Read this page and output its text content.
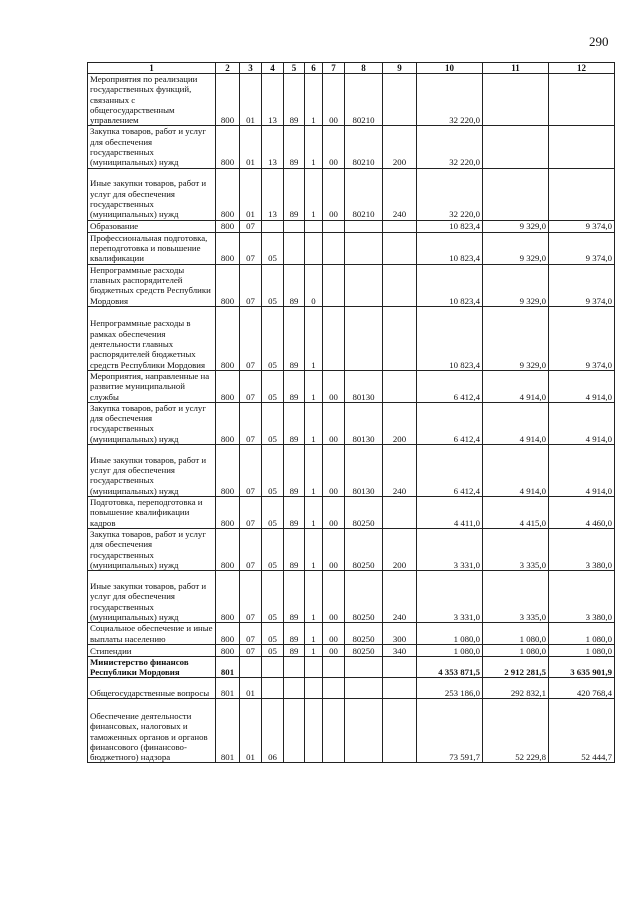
290
1	2	3	4	5	6	7	8	9	10	11	12
Мероприятия по реализации государственных функций, связанных с общегосударственным управлением	800	01	13	89	1	00	80210		32 220,0		
Закупка товаров, работ и услуг для обеспечения государственных (муниципальных) нужд	800	01	13	89	1	00	80210	200	32 220,0		
Иные закупки товаров, работ и услуг для обеспечения государственных (муниципальных) нужд	800	01	13	89	1	00	80210	240	32 220,0		
Образование	800	07							10 823,4	9 329,0	9 374,0
Профессиональная подготовка, переподготовка и повышение квалификации	800	07	05						10 823,4	9 329,0	9 374,0
Непрограммные расходы главных распорядителей бюджетных средств Республики Мордовия	800	07	05	89	0				10 823,4	9 329,0	9 374,0
Непрограммные расходы в рамках обеспечения деятельности главных распорядителей бюджетных средств Республики Мордовия	800	07	05	89	1				10 823,4	9 329,0	9 374,0
Мероприятия, направленные на развитие муниципальной службы	800	07	05	89	1	00	80130		6 412,4	4 914,0	4 914,0
Закупка товаров, работ и услуг для обеспечения государственных (муниципальных) нужд	800	07	05	89	1	00	80130	200	6 412,4	4 914,0	4 914,0
Иные закупки товаров, работ и услуг для обеспечения государственных (муниципальных) нужд	800	07	05	89	1	00	80130	240	6 412,4	4 914,0	4 914,0
Подготовка, переподготовка и повышение квалификации кадров	800	07	05	89	1	00	80250		4 411,0	4 415,0	4 460,0
Закупка товаров, работ и услуг для обеспечения государственных (муниципальных) нужд	800	07	05	89	1	00	80250	200	3 331,0	3 335,0	3 380,0
Иные закупки товаров, работ и услуг для обеспечения государственных (муниципальных) нужд	800	07	05	89	1	00	80250	240	3 331,0	3 335,0	3 380,0
Социальное обеспечение и иные выплаты населению	800	07	05	89	1	00	80250	300	1 080,0	1 080,0	1 080,0
Стипендии	800	07	05	89	1	00	80250	340	1 080,0	1 080,0	1 080,0
Министерство финансов Республики Мордовия	801								4 353 871,5	2 912 281,5	3 635 901,9
Общегосударственные вопросы	801	01							253 186,0	292 832,1	420 768,4
Обеспечение деятельности финансовых, налоговых и таможенных органов и органов финансового (финансово-бюджетного) надзора	801	01	06						73 591,7	52 229,8	52 444,7
